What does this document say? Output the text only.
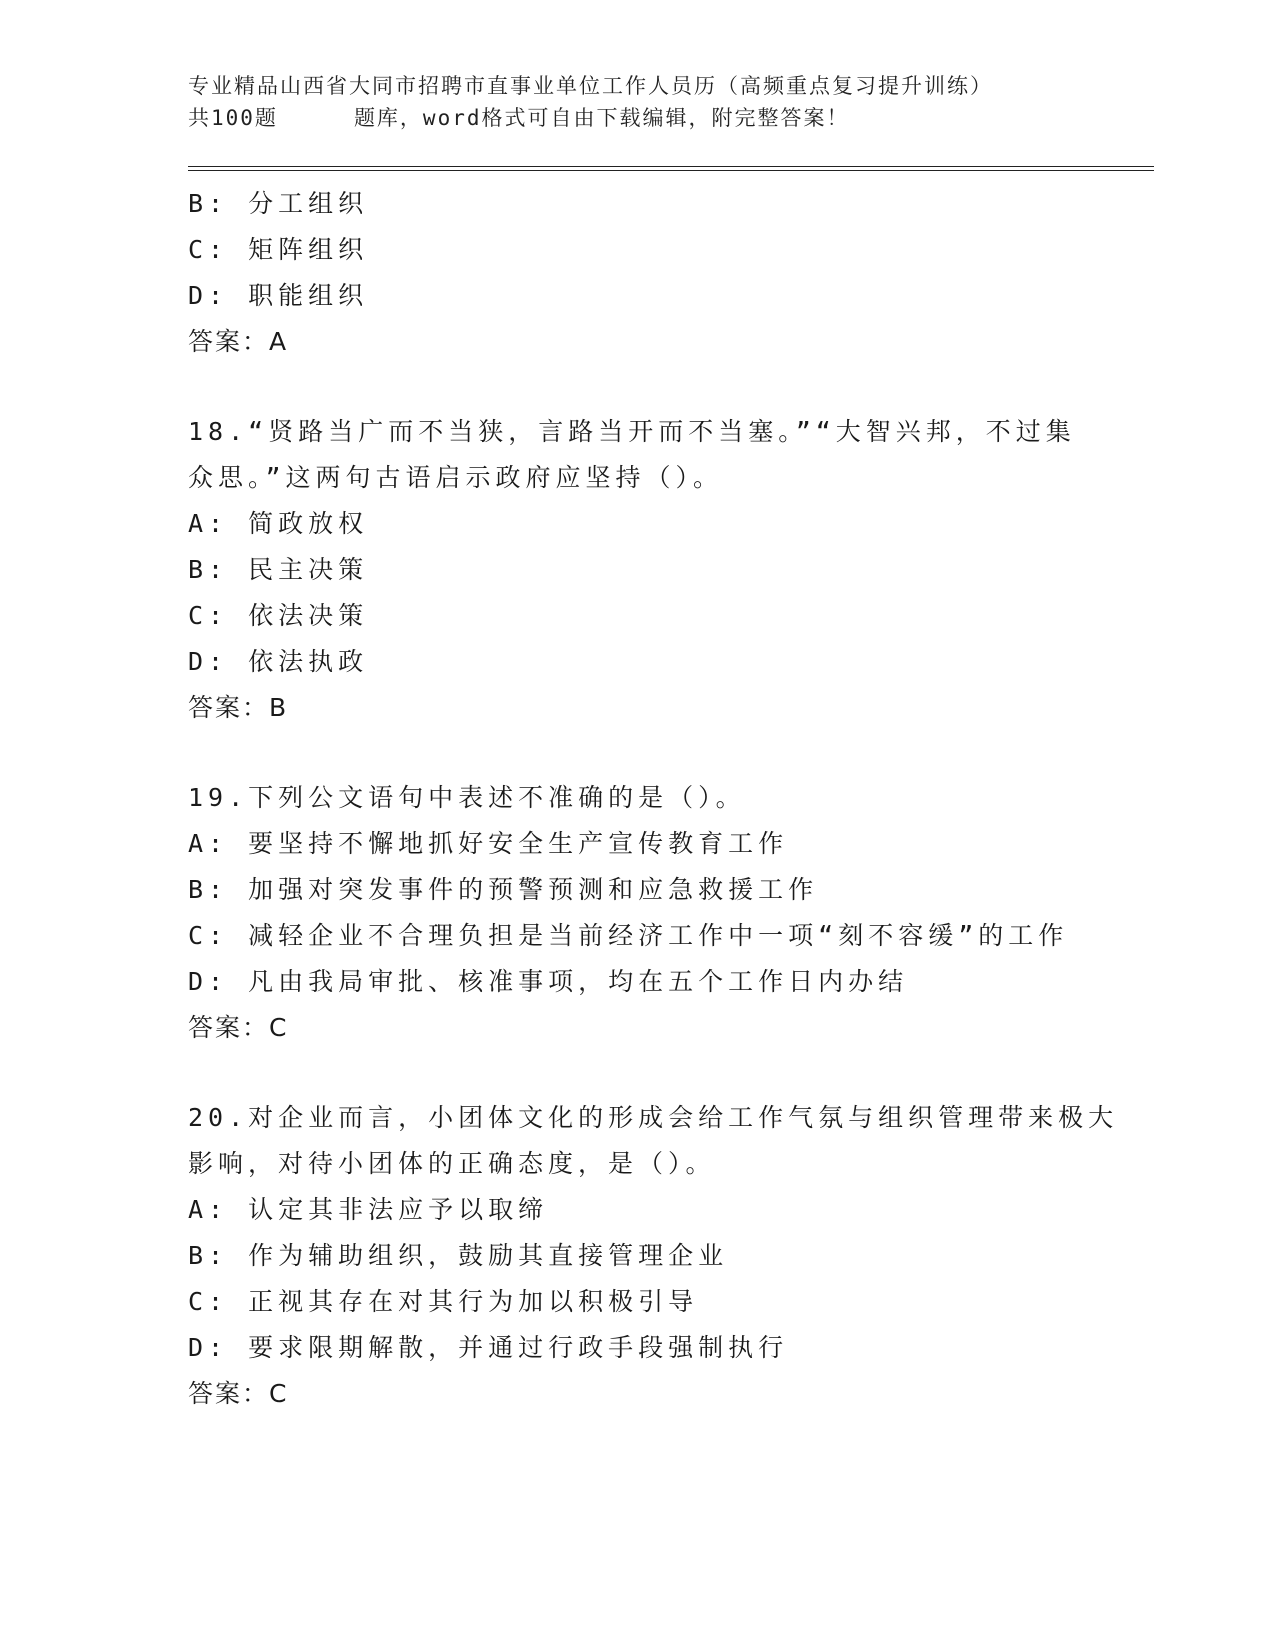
专业精品山西省大同市招聘市直事业单位工作人员历（高频重点复习提升训练）
共100题	题库，word格式可自由下载编辑，附完整答案！
B: 分工组织
C: 矩阵组织
D: 职能组织
答案：A
18.“贤路当广而不当狭，言路当开而不当塞。”“大智兴邦，不过集
众思。”这两句古语启示政府应坚持（）。
A: 简政放权
B: 民主决策
C: 依法决策
D: 依法执政
答案：B
19.下列公文语句中表述不准确的是（）。
A: 要坚持不懈地抓好安全生产宣传教育工作
B: 加强对突发事件的预警预测和应急救援工作
C: 减轻企业不合理负担是当前经济工作中一项“刻不容缓”的工作
D: 凡由我局审批、核准事项，均在五个工作日内办结
答案：C
20.对企业而言，小团体文化的形成会给工作气氛与组织管理带来极大
影响，对待小团体的正确态度，是（）。
A: 认定其非法应予以取缔
B: 作为辅助组织，鼓励其直接管理企业
C: 正视其存在对其行为加以积极引导
D: 要求限期解散，并通过行政手段强制执行
答案：C
